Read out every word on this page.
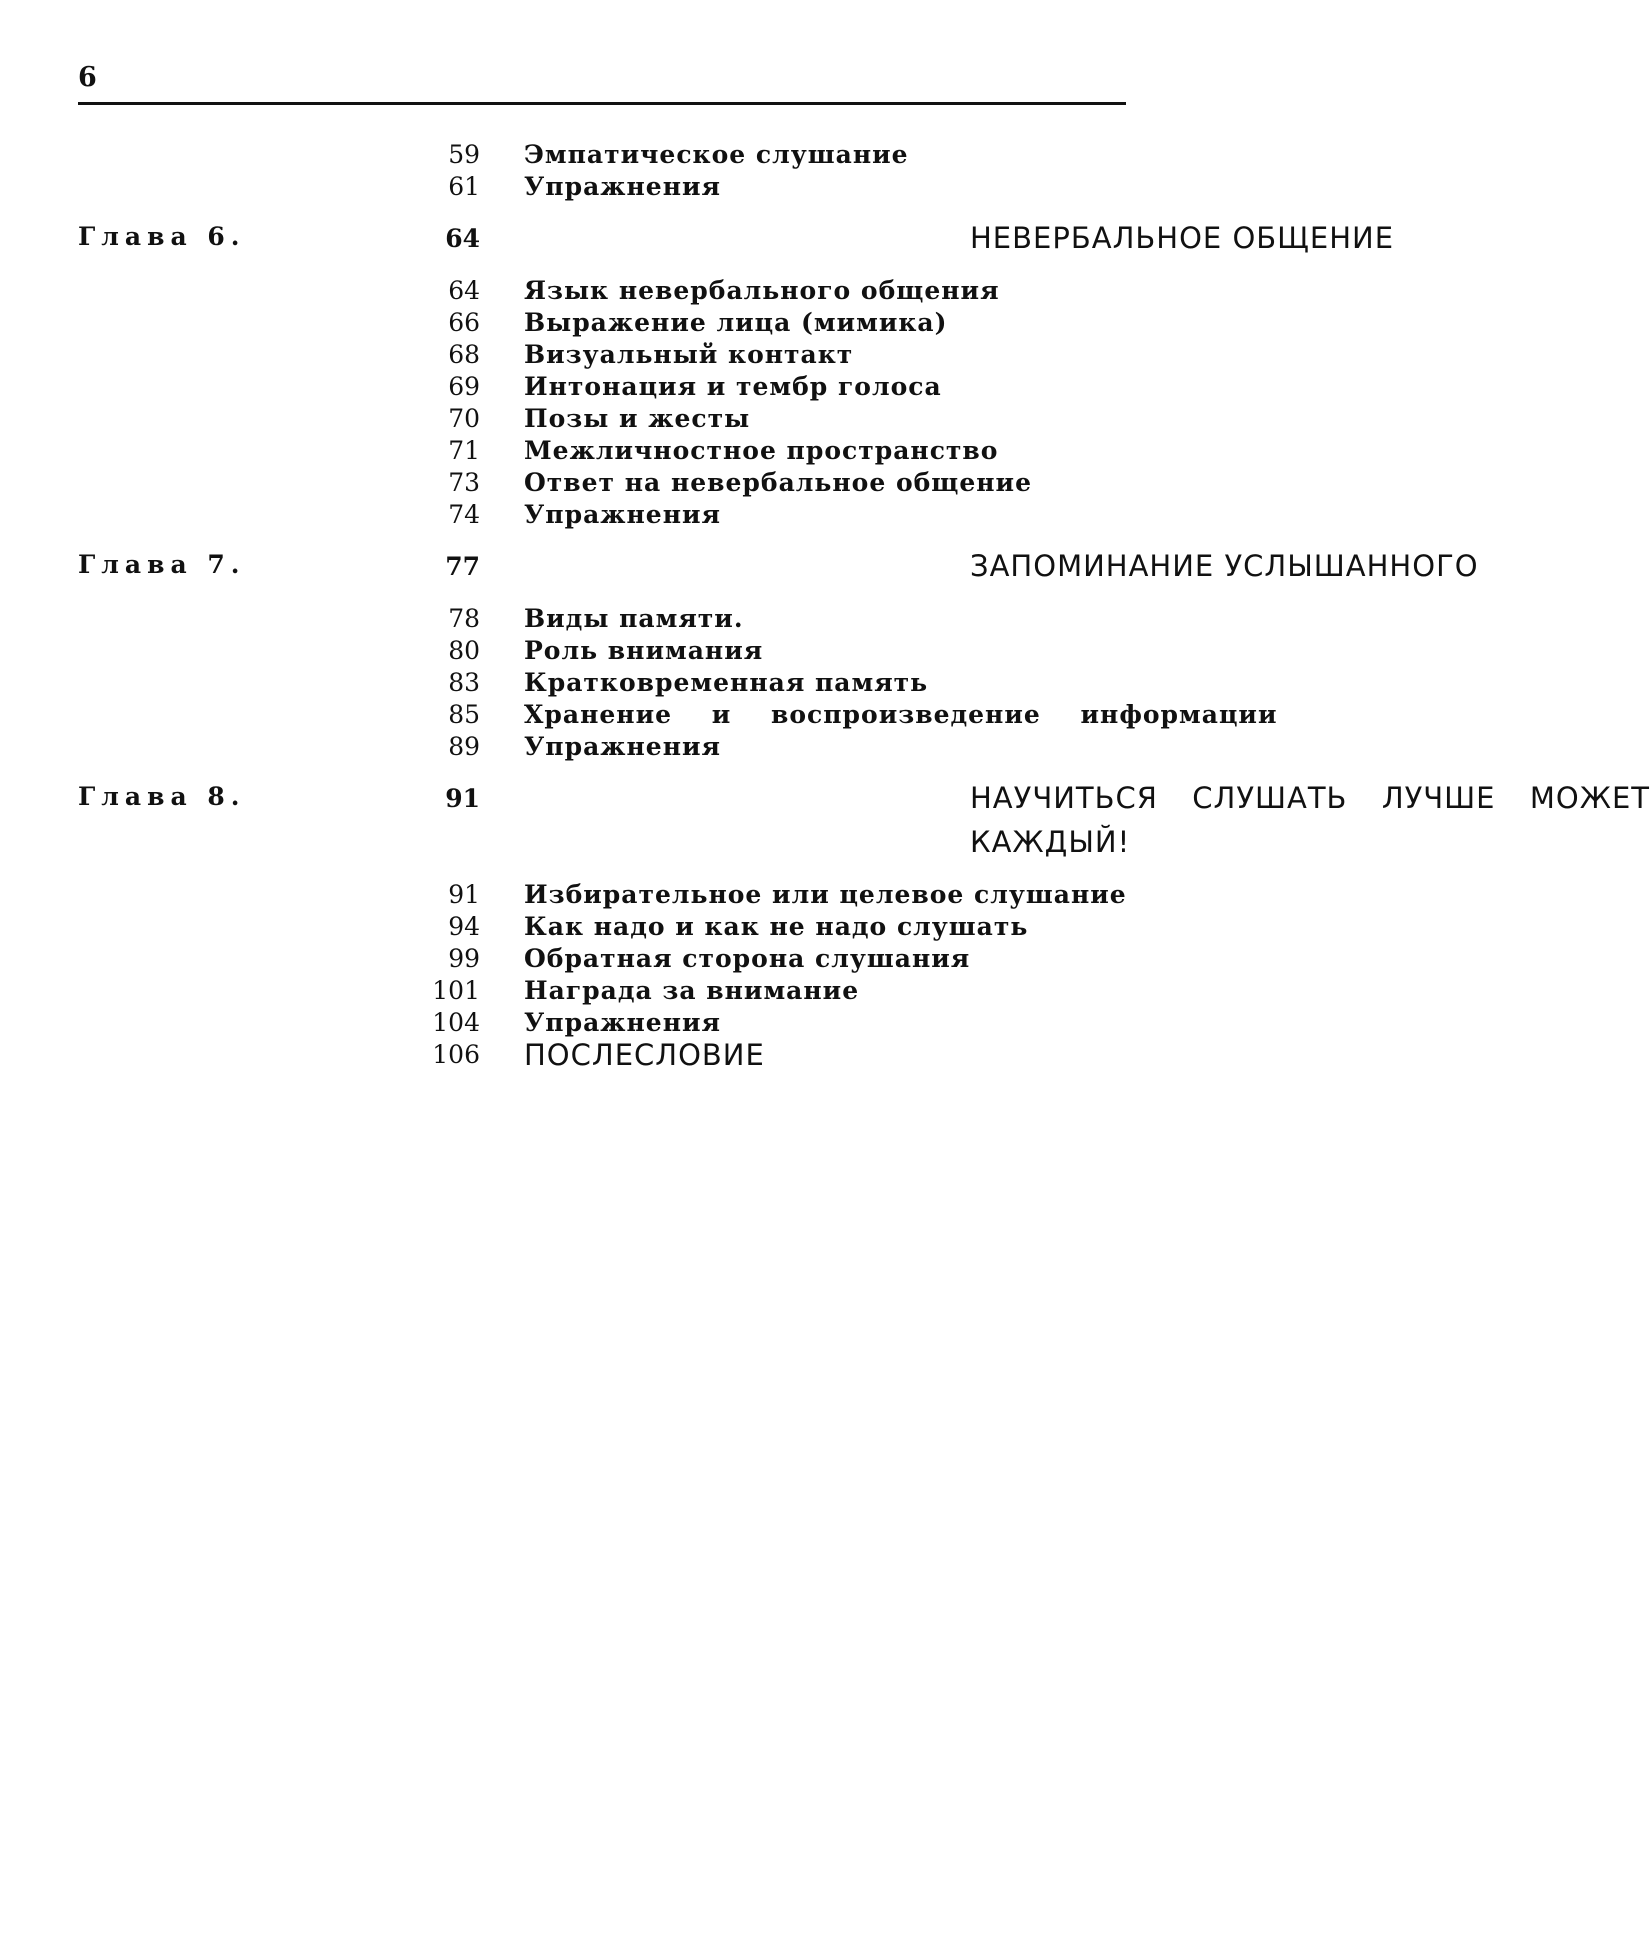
6
59 Эмпатическое слушание
61 Упражнения
Глава 6.	64	НЕВЕРБАЛЬНОЕ ОБЩЕНИЕ
64 Язык невербального общения
66 Выражение лица (мимика)
68 Визуальный контакт
69 Интонация и тембр голоса
70 Позы и жесты
71 Межличностное пространство
73 Ответ на невербальное общение
74 Упражнения
Глава 7.	77	ЗАПОМИНАНИЕ УСЛЫШАННОГО
78 Виды памяти.
80 Роль внимания
83 Кратковременная память
85 Хранение и воспроизведение информации
89 Упражнения
Глава 8.	91	НАУЧИТЬСЯ СЛУШАТЬ ЛУЧШЕ МОЖЕТ КАЖДЫЙ!
91 Избирательное или целевое слушание
94 Как надо и как не надо слушать
99 Обратная сторона слушания
101 Награда за внимание
104 Упражнения
106 ПОСЛЕСЛОВИЕ
